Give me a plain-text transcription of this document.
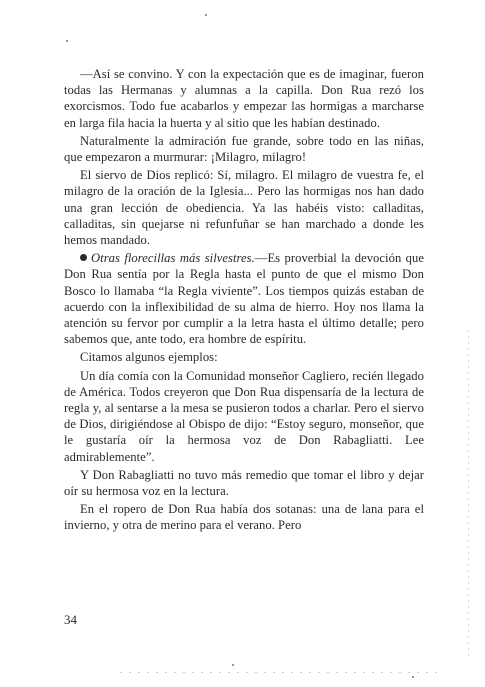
—Así se convino. Y con la expectación que es de imaginar, fueron todas las Hermanas y alumnas a la capilla. Don Rua rezó los exorcismos. Todo fue acabarlos y empezar las hormigas a marcharse en larga fila hacia la huerta y al sitio que les habían destinado.

Naturalmente la admiración fue grande, sobre todo en las niñas, que empezaron a murmurar: ¡Milagro, milagro!

El siervo de Dios replicó: Sí, milagro. El milagro de vuestra fe, el milagro de la oración de la Iglesia... Pero las hormigas nos han dado una gran lección de obediencia. Ya las habéis visto: calladitas, calladitas, sin quejarse ni refunfuñar se han marchado a donde les hemos mandado.

Otras florecillas más silvestres.—Es proverbial la devoción que Don Rua sentía por la Regla hasta el punto de que el mismo Don Bosco lo llamaba “la Regla viviente”. Los tiempos quizás estaban de acuerdo con la inflexibilidad de su alma de hierro. Hoy nos llama la atención su fervor por cumplir a la letra hasta el último detalle; pero sabemos que, ante todo, era hombre de espíritu.

Citamos algunos ejemplos:

Un día comía con la Comunidad monseñor Cagliero, recién llegado de América. Todos creyeron que Don Rua dispensaría de la lectura de regla y, al sentarse a la mesa se pusieron todos a charlar. Pero el siervo de Dios, dirigiéndose al Obispo de dijo: “Estoy seguro, monseñor, que le gustaría oír la hermosa voz de Don Rabagliatti. Lee admirablemente”.

Y Don Rabagliatti no tuvo más remedio que tomar el libro y dejar oír su hermosa voz en la lectura.

En el ropero de Don Rua había dos sotanas: una de lana para el invierno, y otra de merino para el verano. Pero

34
